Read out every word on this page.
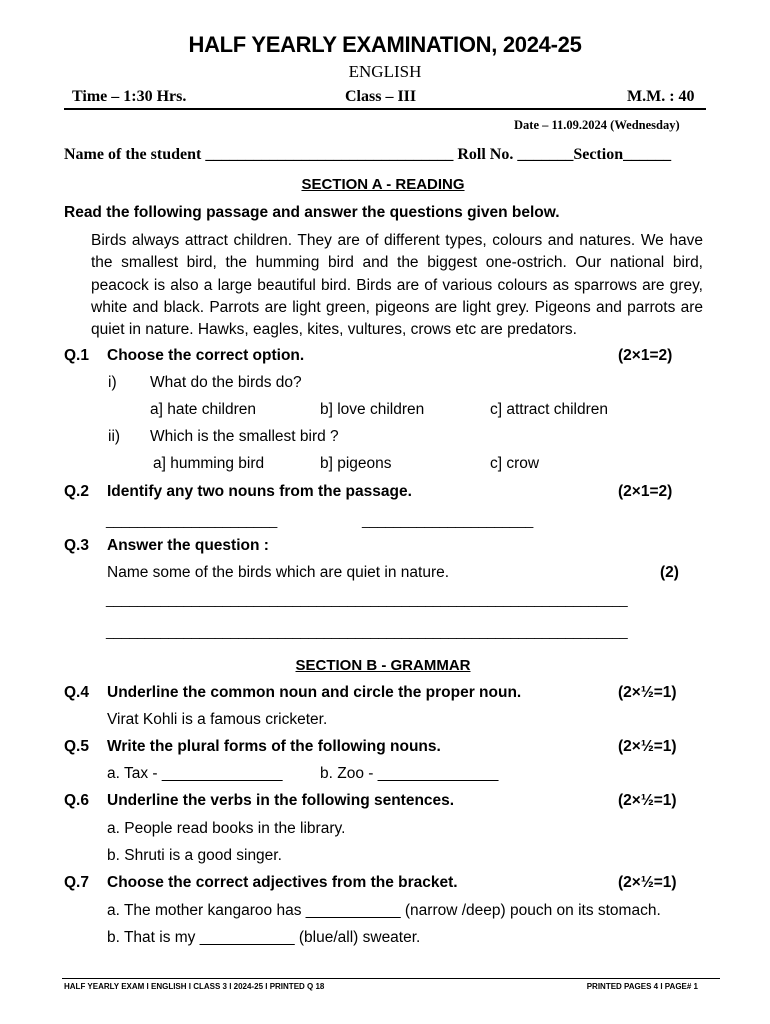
HALF YEARLY EXAMINATION, 2024-25
ENGLISH
Time – 1:30 Hrs.	Class – III	M.M. : 40
Date – 11.09.2024 (Wednesday)
Name of the student _______________________________ Roll No. _______Section______
SECTION A - READING
Read the following passage and answer the questions given below.
Birds always attract children. They are of different types, colours and natures. We have the smallest bird, the humming bird and the biggest one-ostrich. Our national bird, peacock is also a large beautiful bird. Birds are of various colours as sparrows are grey, white and black. Parrots are light green, pigeons are light grey. Pigeons and parrots are quiet in nature. Hawks, eagles, kites, vultures, crows etc are predators.
Q.1 Choose the correct option.	(2×1=2)
i) What do the birds do?
a] hate children	b] love children	c] attract children
ii) Which is the smallest bird ?
a] humming bird	b] pigeons	c] crow
Q.2 Identify any two nouns from the passage.	(2×1=2)
______________________	______________________
Q.3 Answer the question :
Name some of the birds which are quiet in nature.	(2)
___________________________________________________________________
___________________________________________________________________
SECTION B - GRAMMAR
Q.4 Underline the common noun and circle the proper noun.	(2×½=1)
Virat Kohli is a famous cricketer.
Q.5 Write the plural forms of the following nouns.	(2×½=1)
a. Tax - ______________ b. Zoo - ______________
Q.6 Underline the verbs in the following sentences.	(2×½=1)
a. People read books in the library.
b. Shruti is a good singer.
Q.7 Choose the correct adjectives from the bracket.	(2×½=1)
a. The mother kangaroo has ___________ (narrow /deep) pouch on its stomach.
b. That is my ___________ (blue/all) sweater.
HALF YEARLY EXAM I ENGLISH I CLASS 3 I 2024-25 I PRINTED Q 18	PRINTED PAGES 4 I PAGE# 1
